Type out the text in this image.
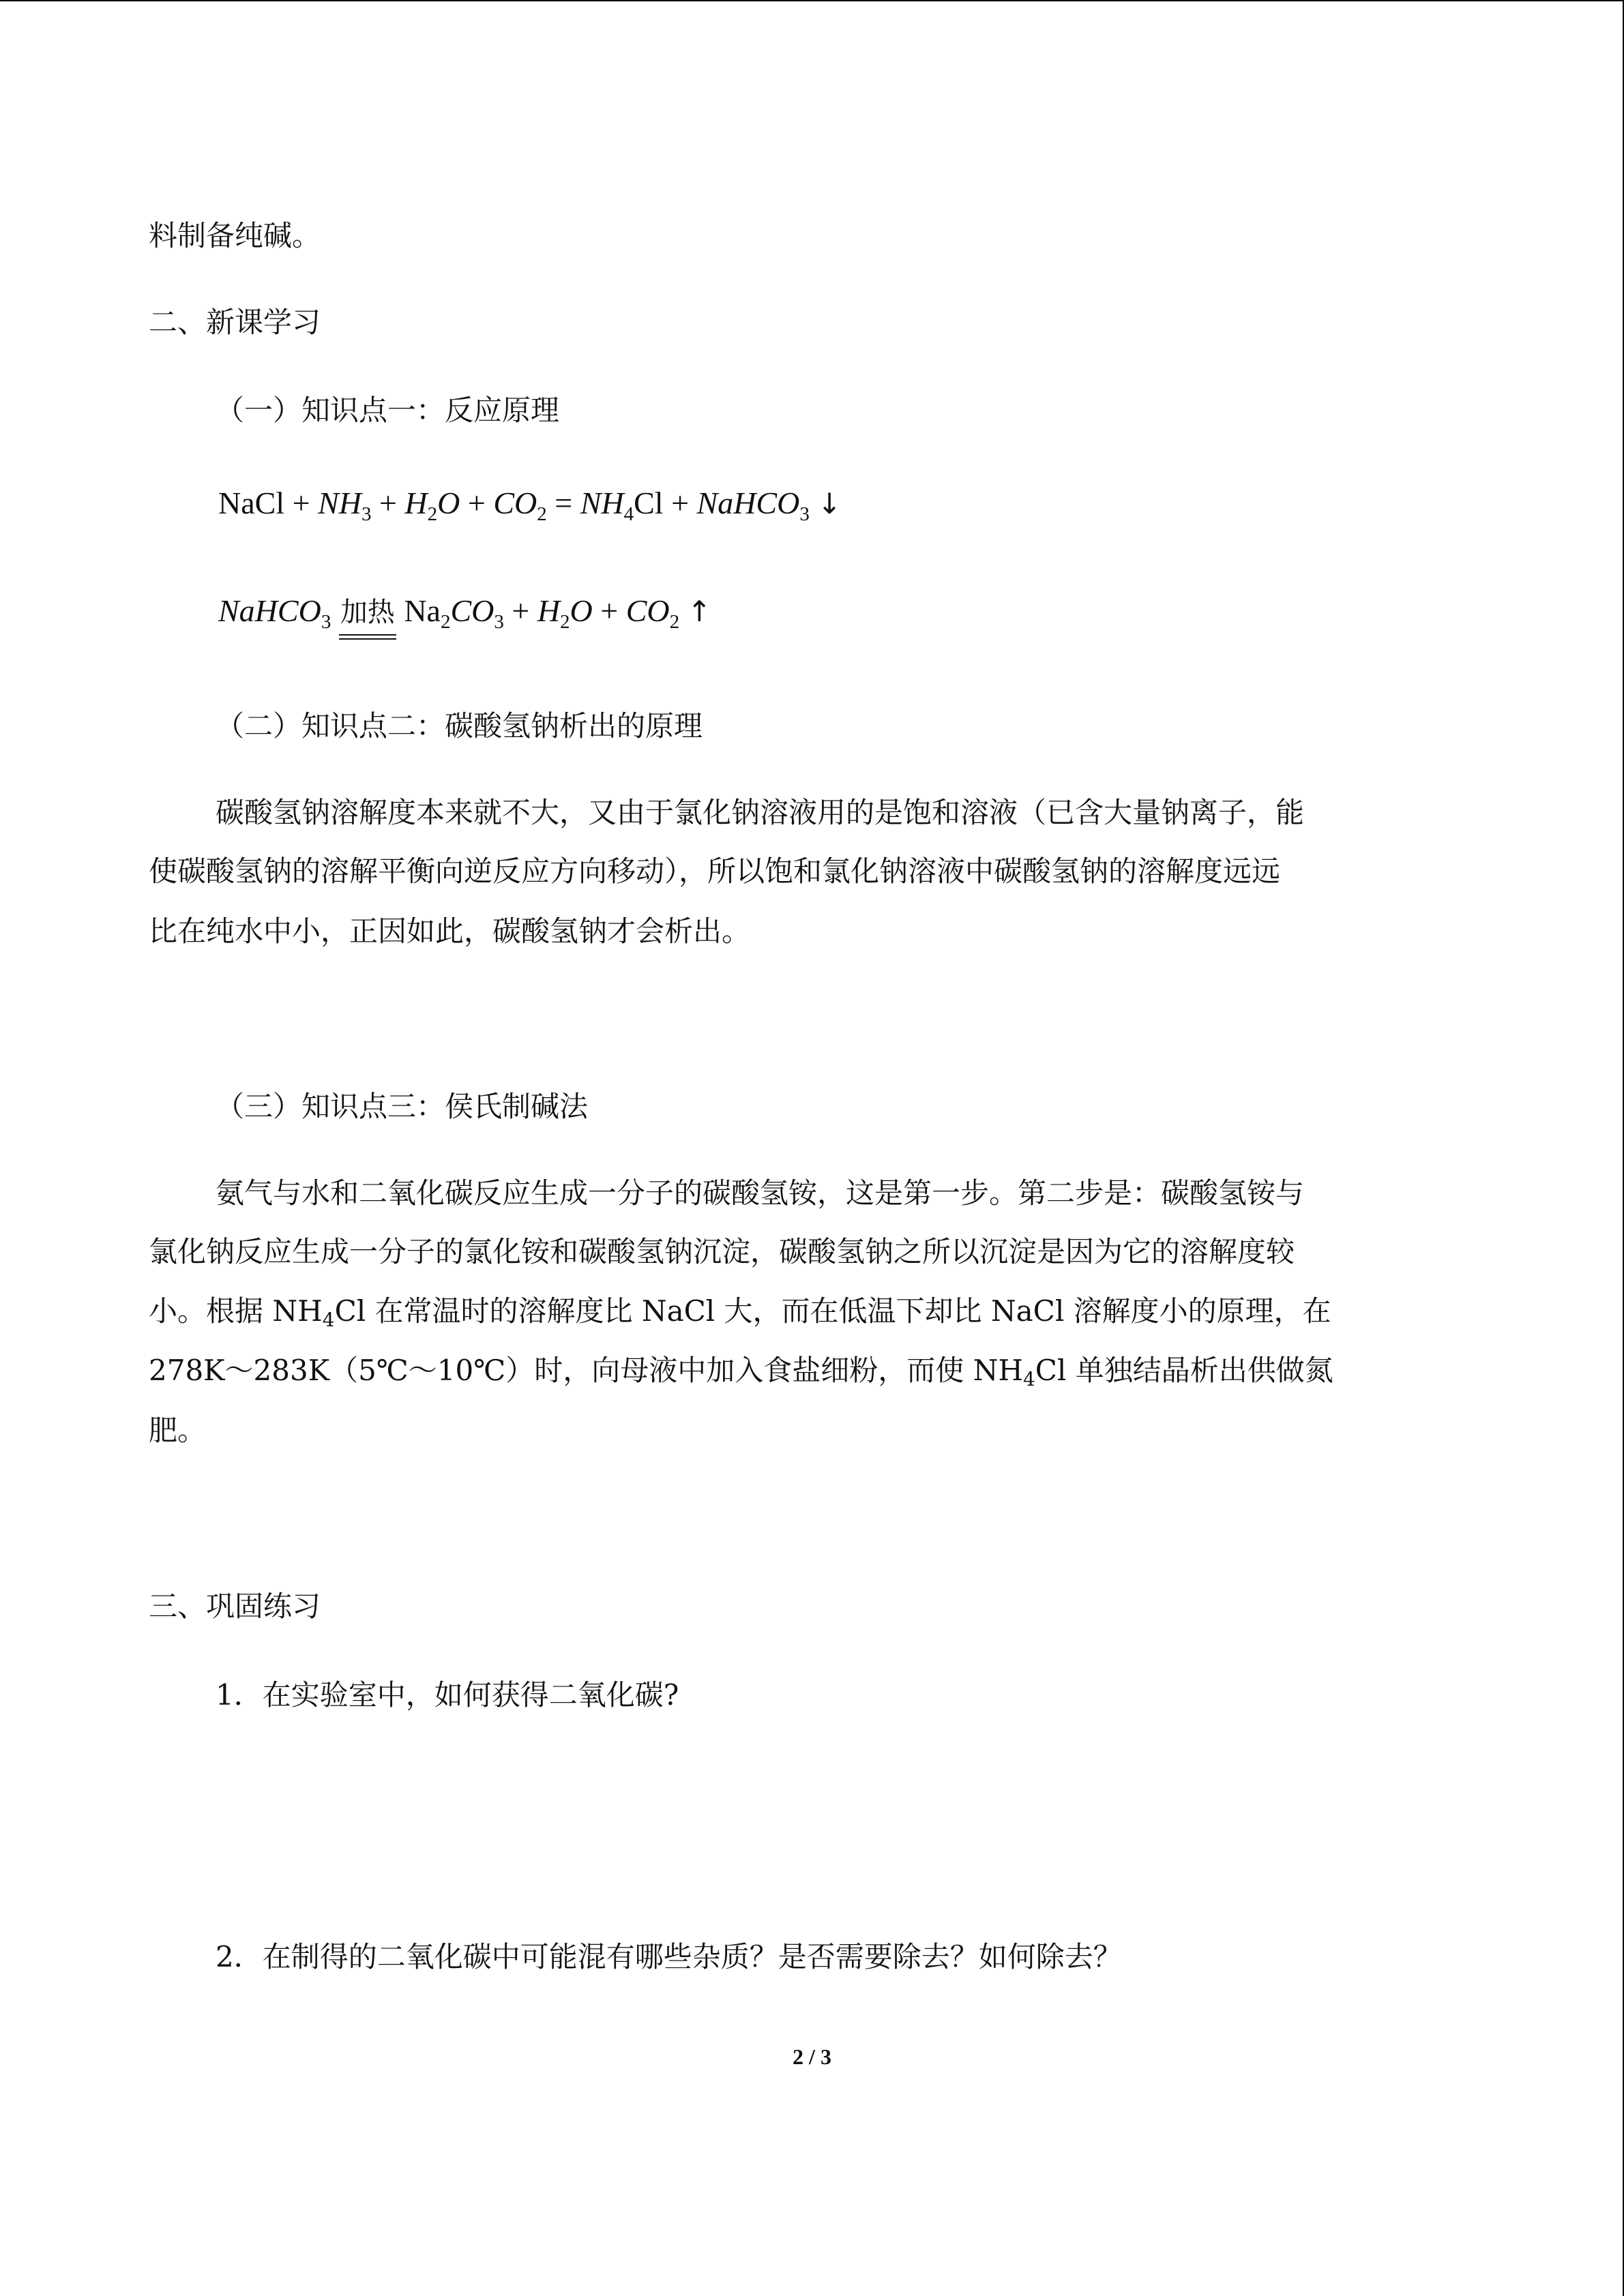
料制备纯碱。
二、新课学习
（一）知识点一：反应原理
NaCl + $NH_3 + H_2O + CO_2 = NH_4Cl$ + NaHCO$_3$ ↓
NaHCO$_3$ 加热 $Na_2CO_3 + H_2O + CO_2$ ↑
（二）知识点二：碳酸氢钠析出的原理
碳酸氢钠溶解度本来就不大，又由于氯化钠溶液用的是饱和溶液（已含大量钠离子，能
使碳酸氢钠的溶解平衡向逆反应方向移动），所以饱和氯化钠溶液中碳酸氢钠的溶解度远远
比在纯水中小，正因如此，碳酸氢钠才会析出。
（三）知识点三：侯氏制碱法
氨气与水和二氧化碳反应生成一分子的碳酸氢铵，这是第一步。第二步是：碳酸氢铵与
氯化钠反应生成一分子的氯化铵和碳酸氢钠沉淀，碳酸氢钠之所以沉淀是因为它的溶解度较
小。根据 $NH_4Cl$ 在常温时的溶解度比 NaCl 大，而在低温下却比 NaCl 溶解度小的原理，在
278K～283K（5℃～10℃）时，向母液中加入食盐细粉，而使 $NH_4Cl$ 单独结晶析出供做氮
肥。
三、巩固练习
1．在实验室中，如何获得二氧化碳?
2．在制得的二氧化碳中可能混有哪些杂质？是否需要除去？如何除去？
2 / 3
